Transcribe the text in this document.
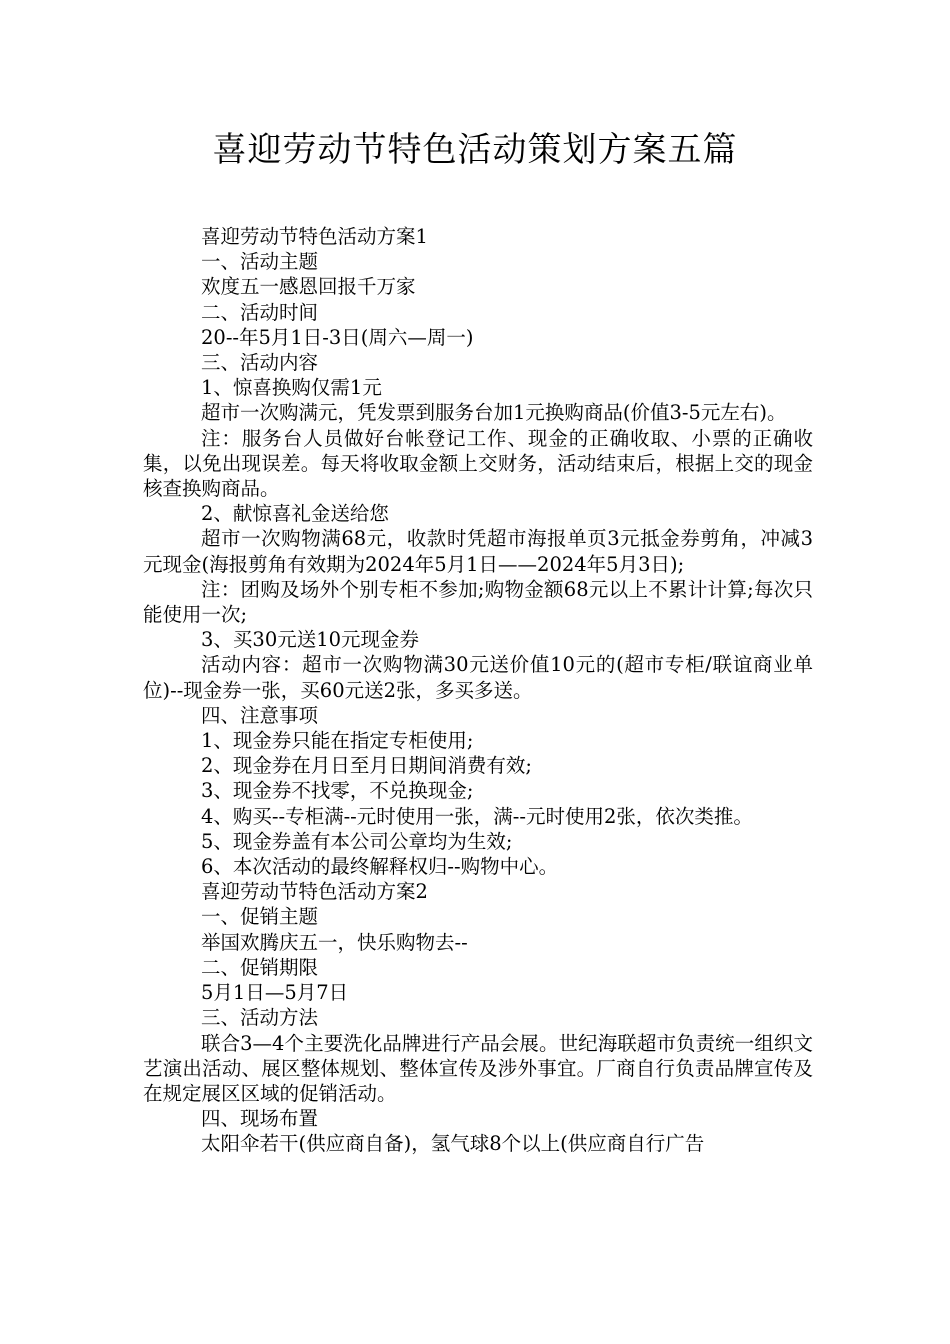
喜迎劳动节特色活动策划方案五篇

喜迎劳动节特色活动方案1

一、活动主题

欢度五一感恩回报千万家

二、活动时间

20--年5月1日-3日(周六—周一)

三、活动内容

1、惊喜换购仅需1元

超市一次购满元，凭发票到服务台加1元换购商品(价值3-5元左右)。

注：服务台人员做好台帐登记工作、现金的正确收取、小票的正确收集，以免出现误差。每天将收取金额上交财务，活动结束后，根据上交的现金核查换购商品。

2、献惊喜礼金送给您

超市一次购物满68元，收款时凭超市海报单页3元抵金券剪角，冲减3元现金(海报剪角有效期为2024年5月1日——2024年5月3日);

注：团购及场外个别专柜不参加;购物金额68元以上不累计计算;每次只能使用一次;

3、买30元送10元现金券

活动内容：超市一次购物满30元送价值10元的(超市专柜/联谊商业单位)--现金券一张，买60元送2张，多买多送。

四、注意事项

1、现金券只能在指定专柜使用;

2、现金券在月日至月日期间消费有效;

3、现金券不找零，不兑换现金;

4、购买--专柜满--元时使用一张，满--元时使用2张，依次类推。

5、现金券盖有本公司公章均为生效;

6、本次活动的最终解释权归--购物中心。

喜迎劳动节特色活动方案2

一、促销主题

举国欢腾庆五一，快乐购物去--

二、促销期限

5月1日—5月7日

三、活动方法

联合3—4个主要洗化品牌进行产品会展。世纪海联超市负责统一组织文艺演出活动、展区整体规划、整体宣传及涉外事宜。厂商自行负责品牌宣传及在规定展区区域的促销活动。

四、现场布置

太阳伞若干(供应商自备)，氢气球8个以上(供应商自行广告
